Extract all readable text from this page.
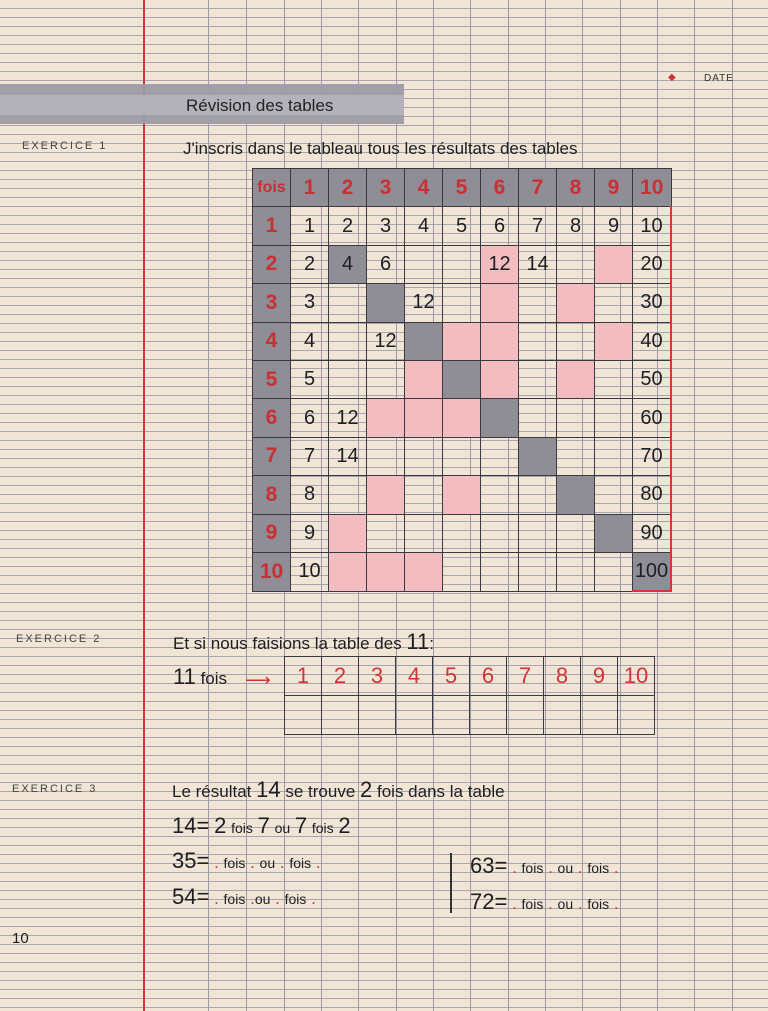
◆	DATE
Révision des tables
EXERCICE 1	J'inscris dans le tableau tous les résultats des tables
fois	1	2	3	4	5	6	7	8	9	10
1	1	2	3	4	5	6	7	8	9	10
2	2	4	6			12	14			20
3	3			12						30
4	4		12							40
5	5									50
6	6	12								60
7	7	14								70
8	8									80
9	9									90
10	10									100
EXERCICE 2	Et si nous faisions la table des 11:
11 fois ⟶ 1	2	3	4	5	6	7	8	9	10

EXERCICE 3	Le résultat 14 se trouve 2 fois dans la table
14= 2 fois 7 ou 7 fois 2
35= . fois . ou . fois .
54= . fois .ou . fois .
63= . fois . ou . fois .
72= . fois . ou . fois .
10
